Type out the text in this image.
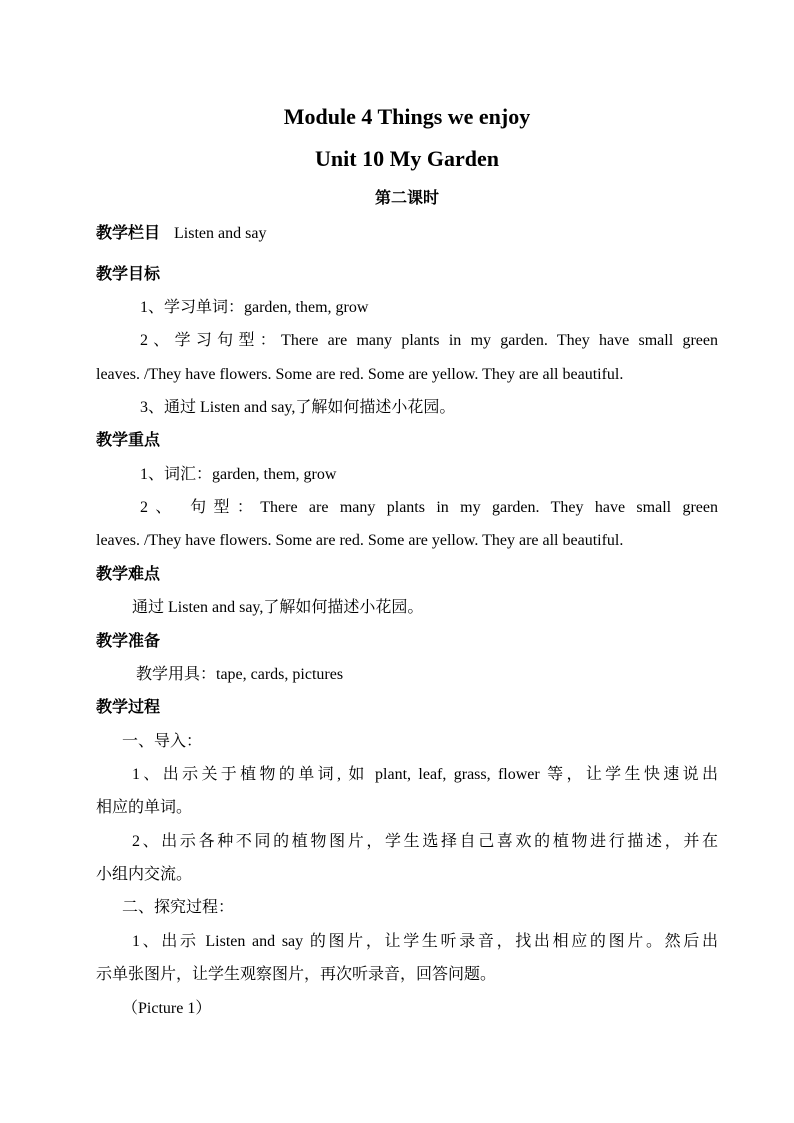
Module 4 Things we enjoy
Unit 10 My Garden
第二课时
教学栏目 Listen and say
教学目标
1、学习单词：garden, them, grow
2、学习句型：There are many plants in my garden. They have small green
leaves. /They have flowers. Some are red. Some are yellow. They are all beautiful.
3、通过 Listen and say,了解如何描述小花园。
教学重点
1、词汇：garden, them, grow
2、 句型：There are many plants in my garden. They have small green
leaves. /They have flowers. Some are red. Some are yellow. They are all beautiful.
教学难点
通过 Listen and say,了解如何描述小花园。
教学准备
教学用具：tape, cards, pictures
教学过程
一、导入：
1、出示关于植物的单词, 如 plant, leaf, grass, flower 等，让学生快速说出
相应的单词。
2、出示各种不同的植物图片，学生选择自己喜欢的植物进行描述，并在
小组内交流。
二、探究过程：
1、出示 Listen and say 的图片，让学生听录音，找出相应的图片。然后出
示单张图片，让学生观察图片，再次听录音，回答问题。
（Picture 1）
